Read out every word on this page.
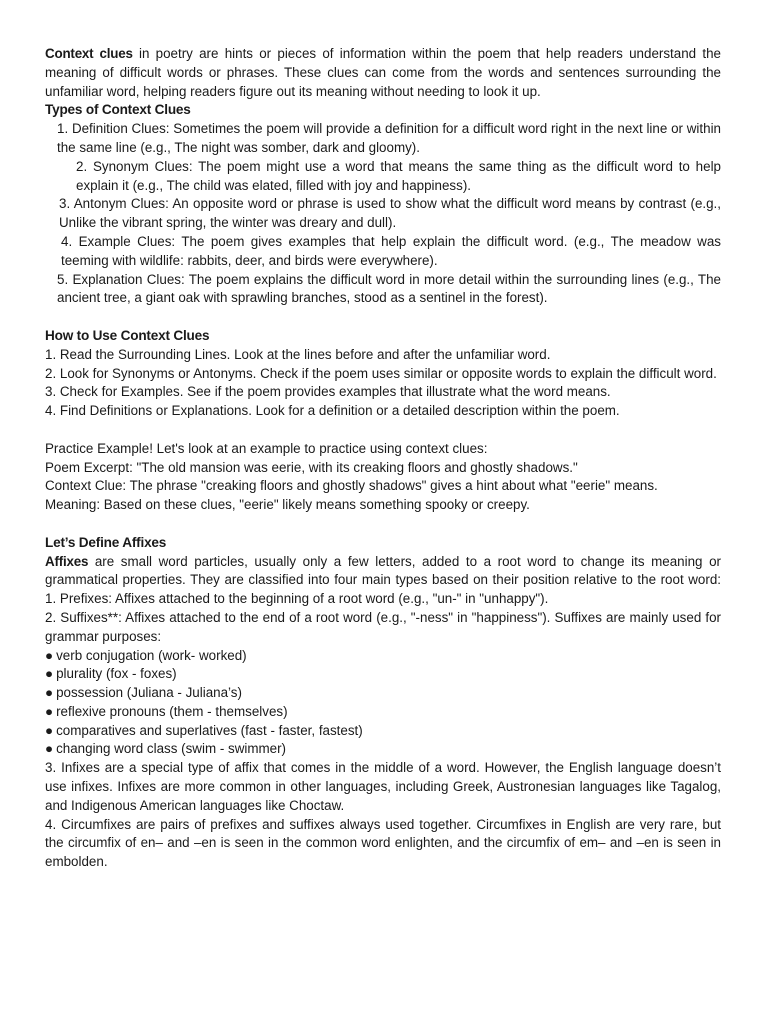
Context clues in poetry are hints or pieces of information within the poem that help readers understand the meaning of difficult words or phrases. These clues can come from the words and sentences surrounding the unfamiliar word, helping readers figure out its meaning without needing to look it up.

Types of Context Clues

1. Definition Clues: Sometimes the poem will provide a definition for a difficult word right in the next line or within the same line (e.g., The night was somber, dark and gloomy).

2. Synonym Clues: The poem might use a word that means the same thing as the difficult word to help explain it (e.g., The child was elated, filled with joy and happiness).

3. Antonym Clues: An opposite word or phrase is used to show what the difficult word means by contrast (e.g., Unlike the vibrant spring, the winter was dreary and dull).

4. Example Clues: The poem gives examples that help explain the difficult word. (e.g., The meadow was teeming with wildlife: rabbits, deer, and birds were everywhere).

5. Explanation Clues: The poem explains the difficult word in more detail within the surrounding lines (e.g., The ancient tree, a giant oak with sprawling branches, stood as a sentinel in the forest).

How to Use Context Clues

1. Read the Surrounding Lines. Look at the lines before and after the unfamiliar word.

2. Look for Synonyms or Antonyms. Check if the poem uses similar or opposite words to explain the difficult word.

3. Check for Examples. See if the poem provides examples that illustrate what the word means.

4. Find Definitions or Explanations. Look for a definition or a detailed description within the poem.

Practice Example! Let's look at an example to practice using context clues:

Poem Excerpt: "The old mansion was eerie, with its creaking floors and ghostly shadows."

Context Clue: The phrase "creaking floors and ghostly shadows" gives a hint about what "eerie" means.

Meaning: Based on these clues, "eerie" likely means something spooky or creepy.

Let’s Define Affixes

Affixes are small word particles, usually only a few letters, added to a root word to change its meaning or grammatical properties. They are classified into four main types based on their position relative to the root word: 1. Prefixes: Affixes attached to the beginning of a root word (e.g., "un-" in "unhappy").

2. Suffixes**: Affixes attached to the end of a root word (e.g., "-ness" in "happiness"). Suffixes are mainly used for grammar purposes:

● verb conjugation (work- worked)

● plurality (fox - foxes)

● possession (Juliana - Juliana’s)

● reflexive pronouns (them - themselves)

● comparatives and superlatives (fast - faster, fastest)

● changing word class (swim - swimmer)

3. Infixes are a special type of affix that comes in the middle of a word. However, the English language doesn’t use infixes. Infixes are more common in other languages, including Greek, Austronesian languages like Tagalog, and Indigenous American languages like Choctaw.

4. Circumfixes are pairs of prefixes and suffixes always used together. Circumfixes in English are very rare, but the circumfix of en– and –en is seen in the common word enlighten, and the circumfix of em– and –en is seen in embolden.
